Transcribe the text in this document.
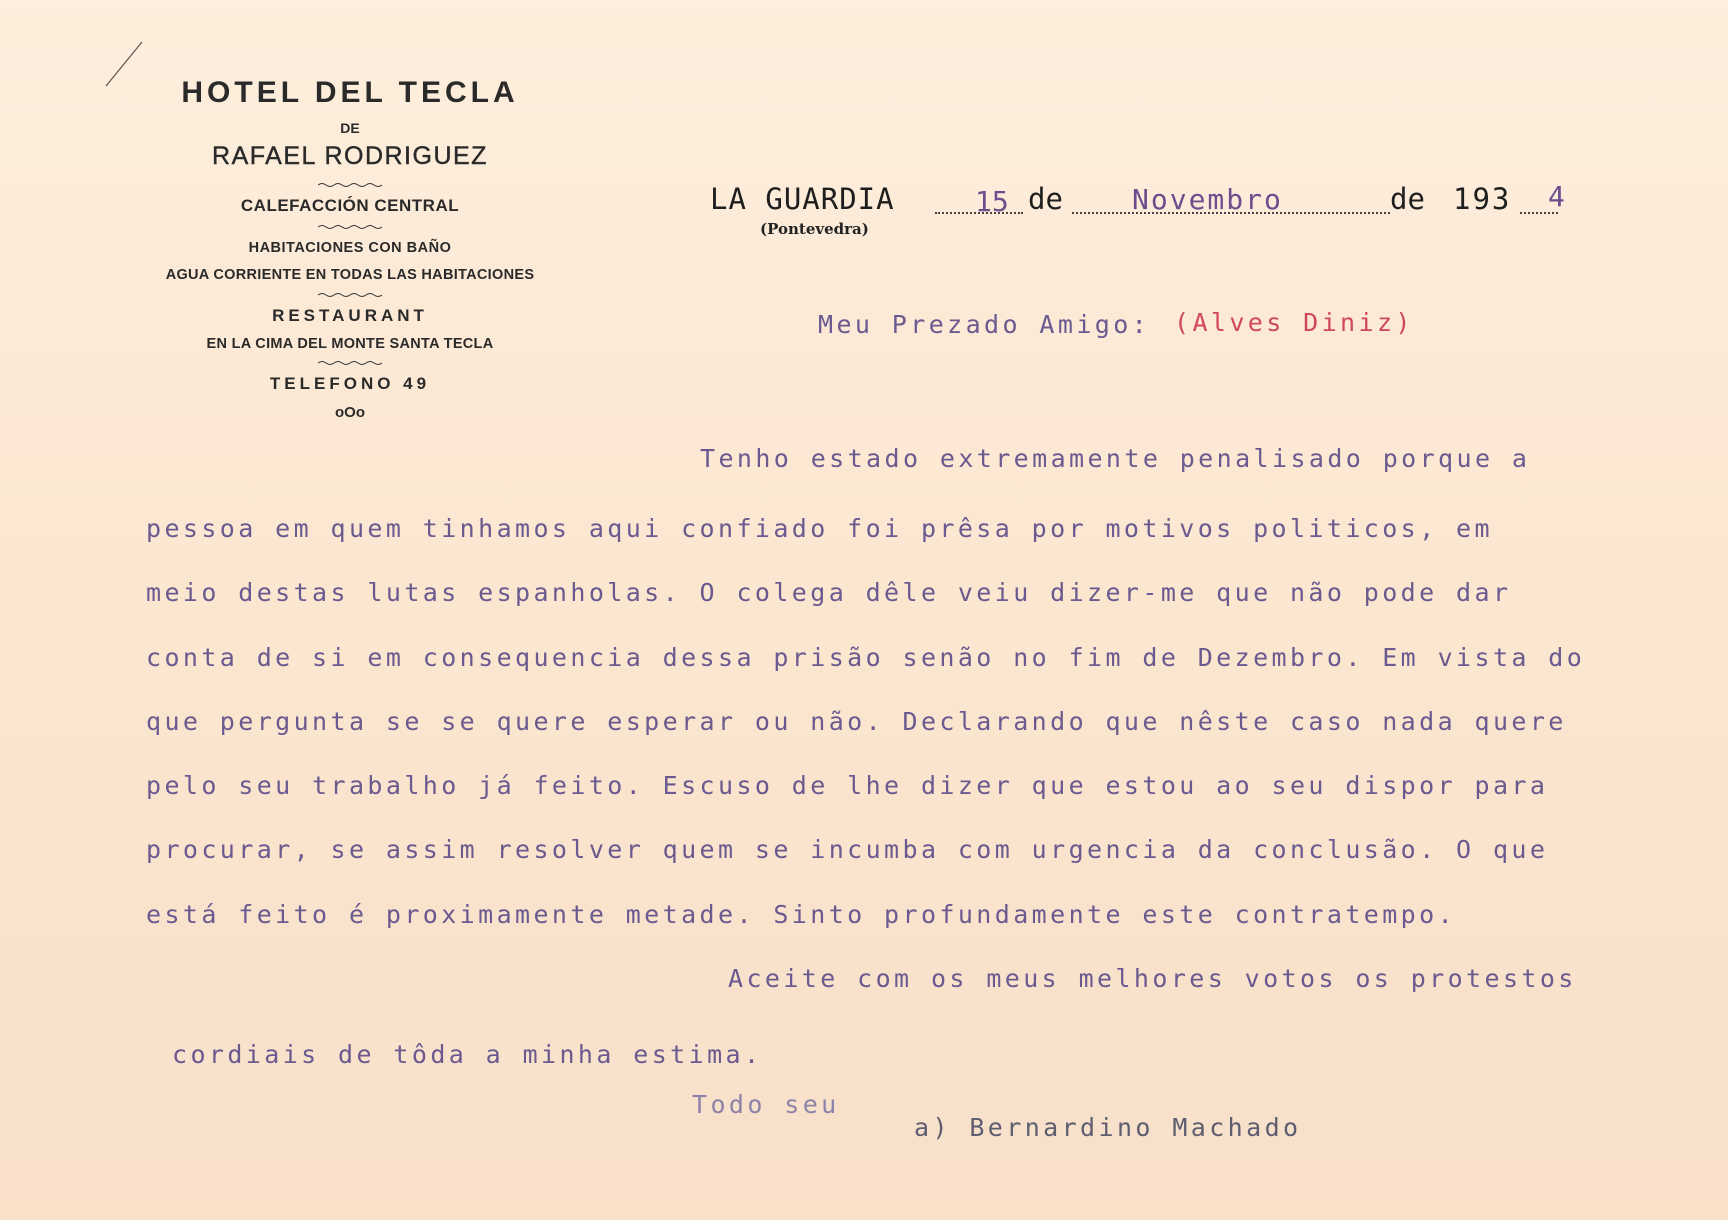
HOTEL DEL TECLA
DE
RAFAEL RODRIGUEZ
CALEFACCIÓN CENTRAL
HABITACIONES CON BAÑO
AGUA CORRIENTE EN TODAS LAS HABITACIONES
RESTAURANT
EN LA CIMA DEL MONTE SANTA TECLA
TELEFONO 49
oOo
LA GUARDIA	15 de Novembro	de 193 4
(Pontevedra)
Meu Prezado Amigo: (Alves Diniz)
Tenho estado extremamente penalisado porque a
pessoa em quem tinhamos aqui confiado foi prêsa por motivos politicos, em
meio destas lutas espanholas. O colega dêle veiu dizer-me que não pode dar
conta de si em consequencia dessa prisão senão no fim de Dezembro. Em vista do
que pergunta se se quere esperar ou não. Declarando que nêste caso nada quere
pelo seu trabalho já feito. Escuso de lhe dizer que estou ao seu dispor para
procurar, se assim resolver quem se incumba com urgencia da conclusão. O que
está feito é proximamente metade. Sinto profundamente este contratempo.
Aceite com os meus melhores votos os protestos
cordiais de tôda a minha estima.
Todo seu
a) Bernardino Machado
